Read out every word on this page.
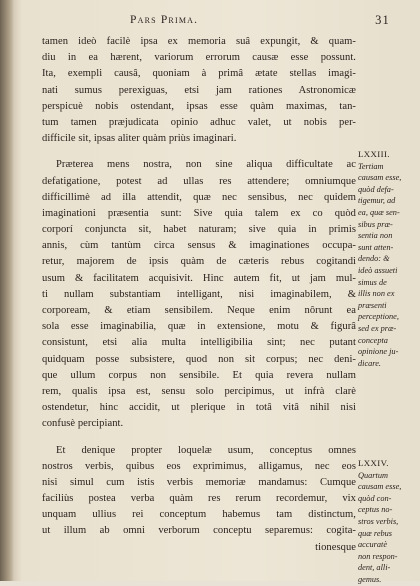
Pars Prima.	31
tamen ideò facilè ipsa ex memoria suâ expungit, & quam-
diu in ea hærent, variorum errorum causæ esse possunt.
Ita, exempli causâ, quoniam à primâ ætate stellas imagi-
nati sumus perexiguas, etsi jam rationes Astronomicæ
perspicuè nobis ostendant, ipsas esse quàm maximas, tan-
tum tamen præjudicata opinio adhuc valet, ut nobis per-
difficile sit, ipsas aliter quàm priùs imaginari.
Præterea mens nostra, non sine aliqua difficultate ac
defatigatione, potest ad ullas res attendere; omniumque
difficillimè ad illa attendit, quæ nec sensibus, nec quidem
imaginationi præsentia sunt: Sive quia talem ex co quòd
corporí conjuncta sit, habet naturam; sive quia in primis
annis, cùm tantùm circa sensus & imaginationes occupa-
retur, majorem de ipsis quàm de cæteris rebus cogitandi
usum & facilitatem acquisivit. Hinc autem fit, ut jam mul-
ti nullam substantiam intelligant, nisi imaginabilem, &
corpoream, & etiam sensibilem. Neque enim nôrunt ea
sola esse imaginabilia, quæ in extensione, motu & figurâ
consistunt, etsi alia multa intelligibilia sint; nec putant
quidquam posse subsistere, quod non sit corpus; nec deni-
que ullum corpus non sensibile. Et quia revera nullam
rem, qualis ipsa est, sensu solo percipimus, ut infrà clarè
ostendetur, hinc accidit, ut plerique in totâ vitâ nihil nisi
confusè percipiant.
Et denique propter loquelæ usum, conceptus omnes
nostros verbis, quibus eos exprimimus, alligamus, nec eos
nisi simul cum istis verbis memoriæ mandamus: Cumque
faciliùs postea verba quàm res rerum recordemur, vix
unquam ullius rei conceptum habemus tam distinctum,
ut illum ab omni verborum conceptu separemus: cogita-
tionesque
LXXIV.
Quartum
causam esse,
quòd con-
ceptus no-
stros verbis,
quæ rebus
accuratè
non respon-
dent, alli-
gemus.
LXXIII.
Tertiam
causam esse,
quòd defa-
tigemur, ad
ea, quæ sen-
sibus præ-
sentia non
sunt atten-
dendo: &
ideò assueti
simus de
illis non ex
præsenti
perceptione,
sed ex præ-
concepta
opinione ju-
dicare.
